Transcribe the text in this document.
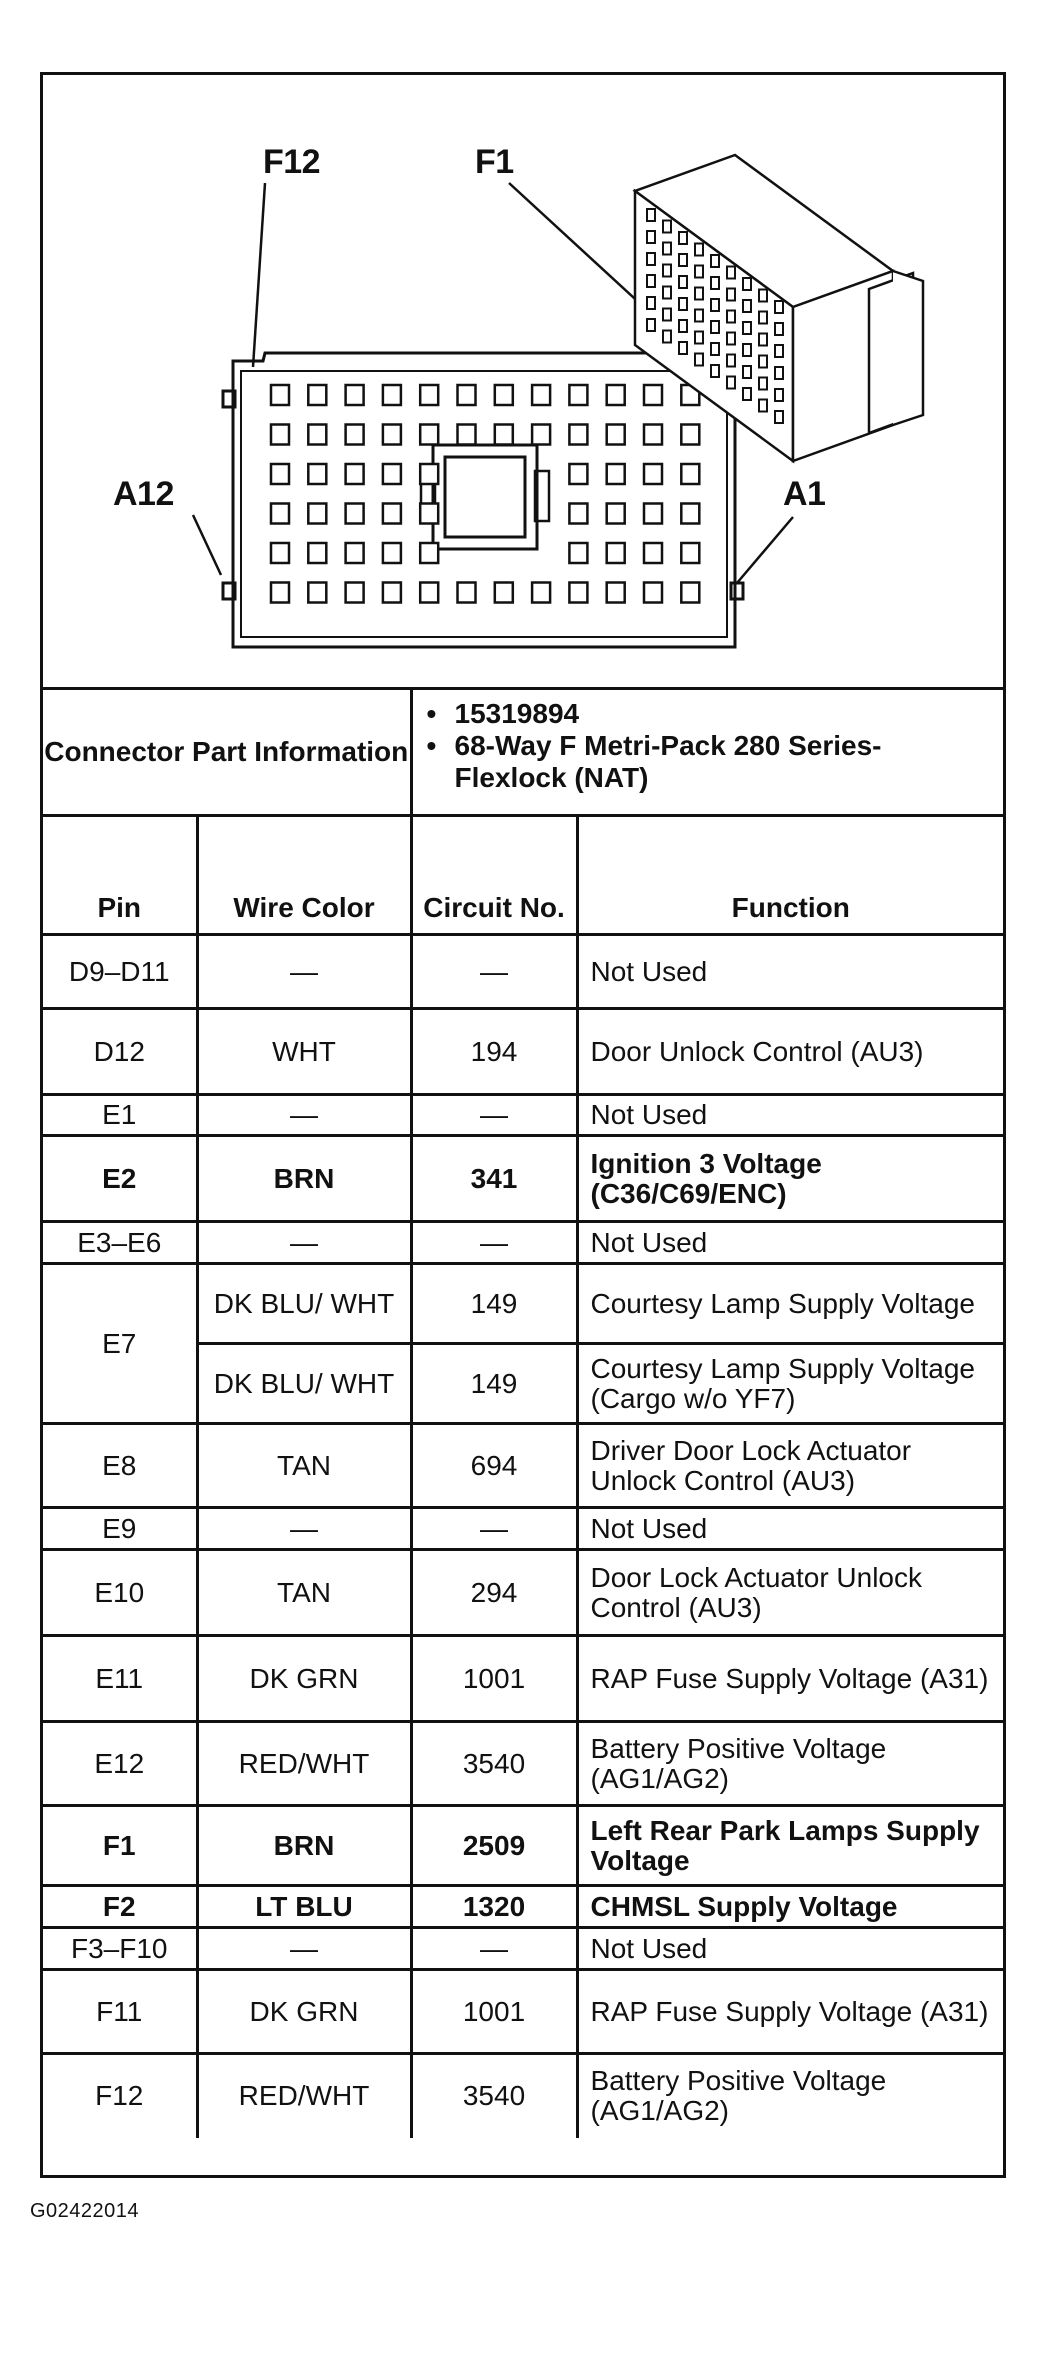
F12	F1
A12	A1
Connector Part Information		• 15319894
• 68-Way F Metri-Pack 280 Series- Flexlock (NAT)

Pin	Wire Color	Circuit No.	Function
D9–D11	—	—	Not Used
D12	WHT	194	Door Unlock Control (AU3)
E1	—	—	Not Used
E2	BRN	341	Ignition 3 Voltage (C36/C69/ENC)
E3–E6	—	—	Not Used
E7	DK BLU/ WHT	149	Courtesy Lamp Supply Voltage
	DK BLU/ WHT	149	Courtesy Lamp Supply Voltage (Cargo w/o YF7)
E8	TAN	694	Driver Door Lock Actuator Unlock Control (AU3)
E9	—	—	Not Used
E10	TAN	294	Door Lock Actuator Unlock Control (AU3)
E11	DK GRN	1001	RAP Fuse Supply Voltage (A31)
E12	RED/WHT	3540	Battery Positive Voltage (AG1/AG2)
F1	BRN	2509	Left Rear Park Lamps Supply Voltage
F2	LT BLU	1320	CHMSL Supply Voltage
F3–F10	—	—	Not Used
F11	DK GRN	1001	RAP Fuse Supply Voltage (A31)
F12	RED/WHT	3540	Battery Positive Voltage (AG1/AG2)
G02422014
